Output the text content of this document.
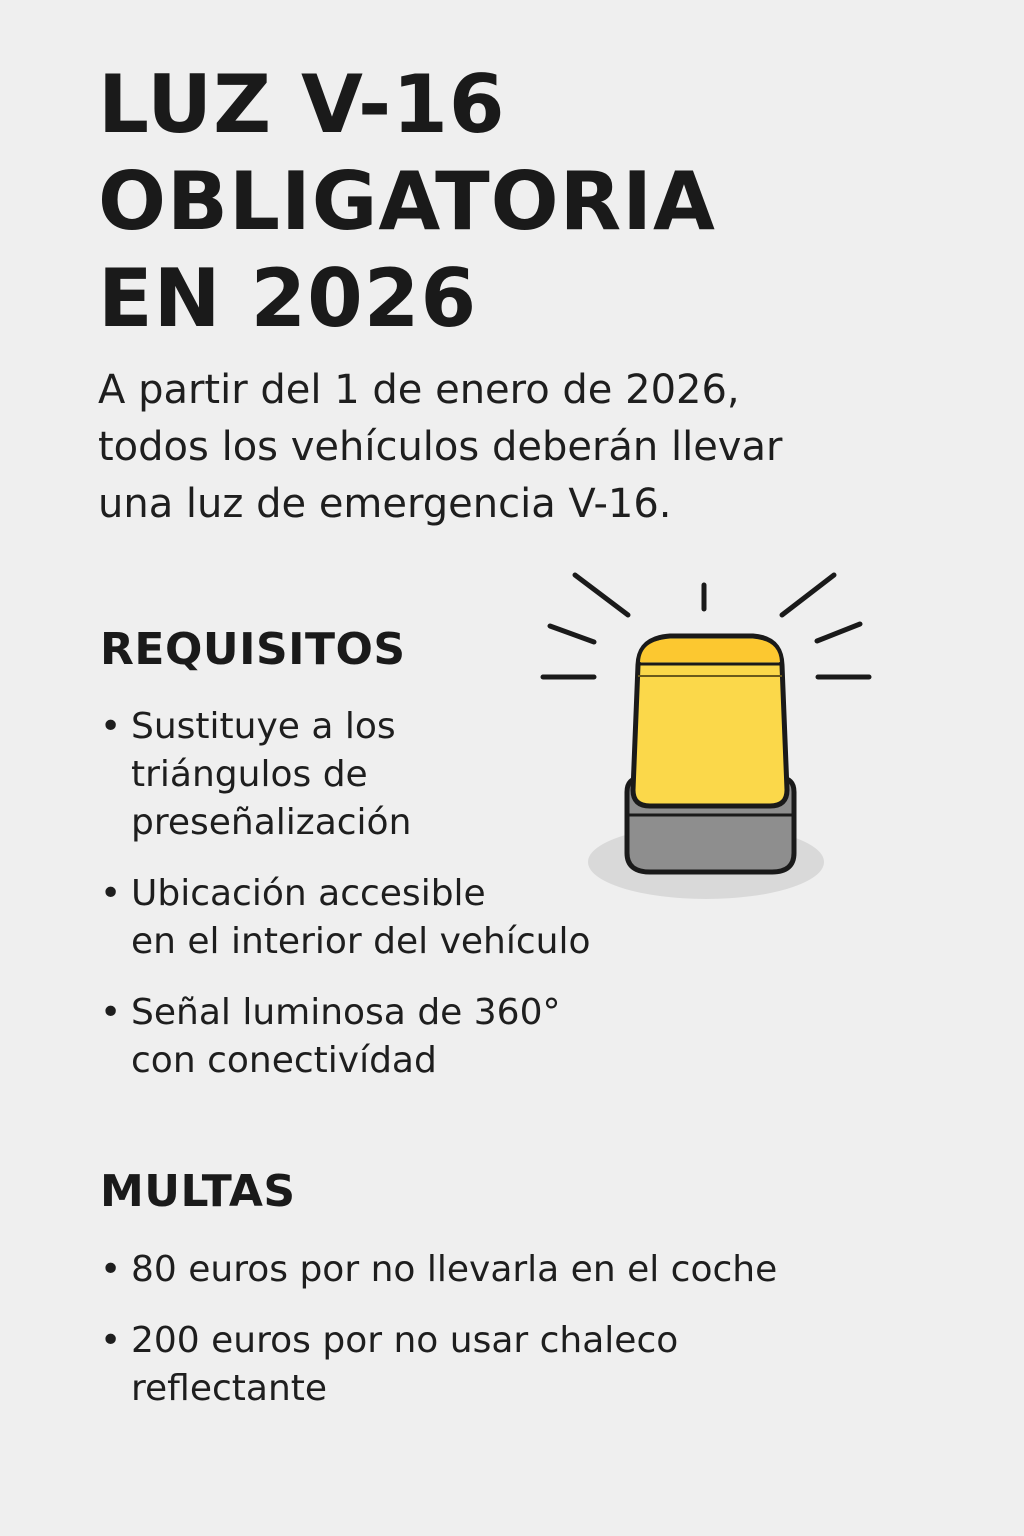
LUZ V-16
OBLIGATORIA
EN 2026

A partir del 1 de enero de 2026,
todos los vehículos deberán llevar
una luz de emergencia V-16.

REQUISITOS
• Sustituye a los
triángulos de
preseñalización
• Ubicación accesible
en el interior del vehículo
• Señal luminosa de 360°
con conectivídad
MULTAS
• 80 euros por no llevarla en el coche
• 200 euros por no usar chaleco
reflectante
